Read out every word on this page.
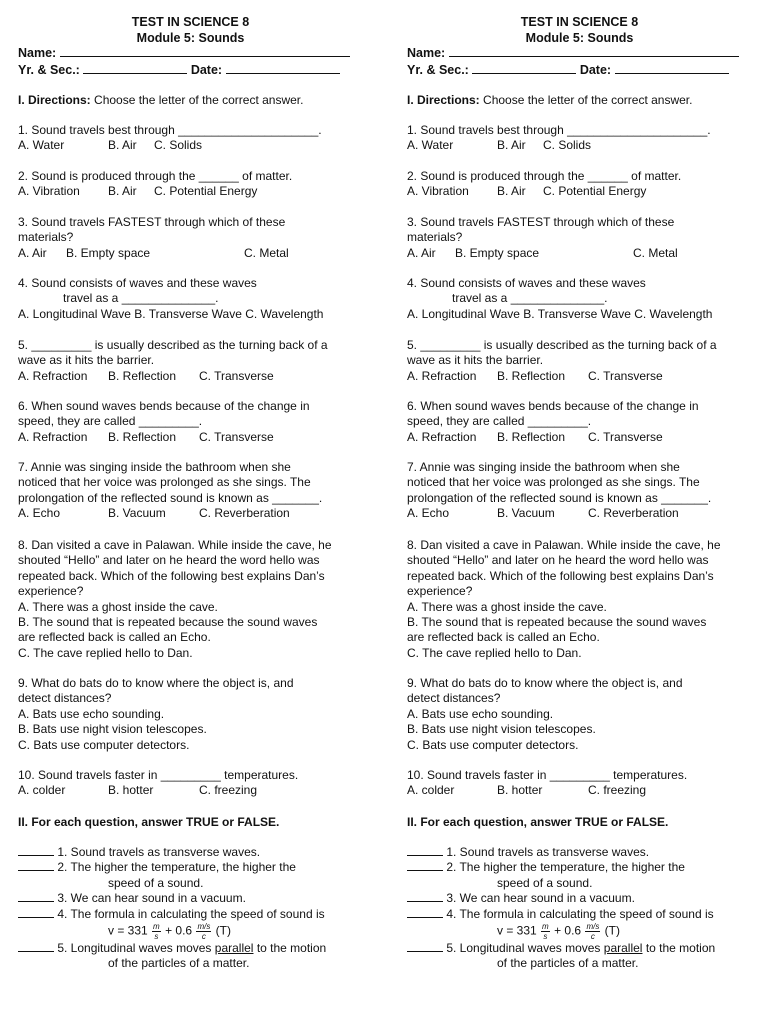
TEST IN SCIENCE 8
Module 5: Sounds
Name:
Yr. & Sec.:	Date:
I. Directions: Choose the letter of the correct answer.
1. Sound travels best through _____________________.
A. Water	B. Air C. Solids
2. Sound is produced through the ______ of matter.
A. Vibration B. Air C. Potential Energy
3. Sound travels FASTEST through which of these
materials?
A. Air B. Empty space	C. Metal
4. Sound consists of waves and these waves
travel as a ______________.
A. Longitudinal Wave B. Transverse Wave C. Wavelength
5. _________ is usually described as the turning back of a
wave as it hits the barrier.
A. Refraction B. Reflection C. Transverse
6. When sound waves bends because of the change in
speed, they are called _________.
A. Refraction B. Reflection C. Transverse
7. Annie was singing inside the bathroom when she
noticed that her voice was prolonged as she sings. The
prolongation of the reflected sound is known as _______.
A. Echo	B. Vacuum	C. Reverberation
8. Dan visited a cave in Palawan. While inside the cave, he
shouted “Hello” and later on he heard the word hello was
repeated back. Which of the following best explains Dan’s
experience?
A. There was a ghost inside the cave.
B. The sound that is repeated because the sound waves
are reflected back is called an Echo.
C. The cave replied hello to Dan.
9. What do bats do to know where the object is, and
detect distances?
A. Bats use echo sounding.
B. Bats use night vision telescopes.
C. Bats use computer detectors.
10. Sound travels faster in _________ temperatures.
A. colder	B. hotter	C. freezing
II. For each question, answer TRUE or FALSE.
1. Sound travels as transverse waves.
2. The higher the temperature, the higher the
speed of a sound.
3. We can hear sound in a vacuum.
4. The formula in calculating the speed of sound is
$v = 331 \frac{m}{s} + 0.6 \frac{m/s}{c} (T)$
5. Longitudinal waves moves parallel to the motion
of the particles of a matter.
TEST IN SCIENCE 8
Module 5: Sounds
Name:
Yr. & Sec.:	Date:
I. Directions: Choose the letter of the correct answer.
1. Sound travels best through _____________________.
A. Water	B. Air C. Solids
2. Sound is produced through the ______ of matter.
A. Vibration B. Air C. Potential Energy
3. Sound travels FASTEST through which of these
materials?
A. Air B. Empty space	C. Metal
4. Sound consists of waves and these waves
travel as a ______________.
A. Longitudinal Wave B. Transverse Wave C. Wavelength
5. _________ is usually described as the turning back of a
wave as it hits the barrier.
A. Refraction B. Reflection C. Transverse
6. When sound waves bends because of the change in
speed, they are called _________.
A. Refraction B. Reflection C. Transverse
7. Annie was singing inside the bathroom when she
noticed that her voice was prolonged as she sings. The
prolongation of the reflected sound is known as _______.
A. Echo	B. Vacuum	C. Reverberation
8. Dan visited a cave in Palawan. While inside the cave, he
shouted “Hello” and later on he heard the word hello was
repeated back. Which of the following best explains Dan’s
experience?
A. There was a ghost inside the cave.
B. The sound that is repeated because the sound waves
are reflected back is called an Echo.
C. The cave replied hello to Dan.
9. What do bats do to know where the object is, and
detect distances?
A. Bats use echo sounding.
B. Bats use night vision telescopes.
C. Bats use computer detectors.
10. Sound travels faster in _________ temperatures.
A. colder	B. hotter	C. freezing
II. For each question, answer TRUE or FALSE.
1. Sound travels as transverse waves.
2. The higher the temperature, the higher the
speed of a sound.
3. We can hear sound in a vacuum.
4. The formula in calculating the speed of sound is
$v = 331 \frac{m}{s} + 0.6 \frac{m/s}{c} (T)$
5. Longitudinal waves moves parallel to the motion
of the particles of a matter.
